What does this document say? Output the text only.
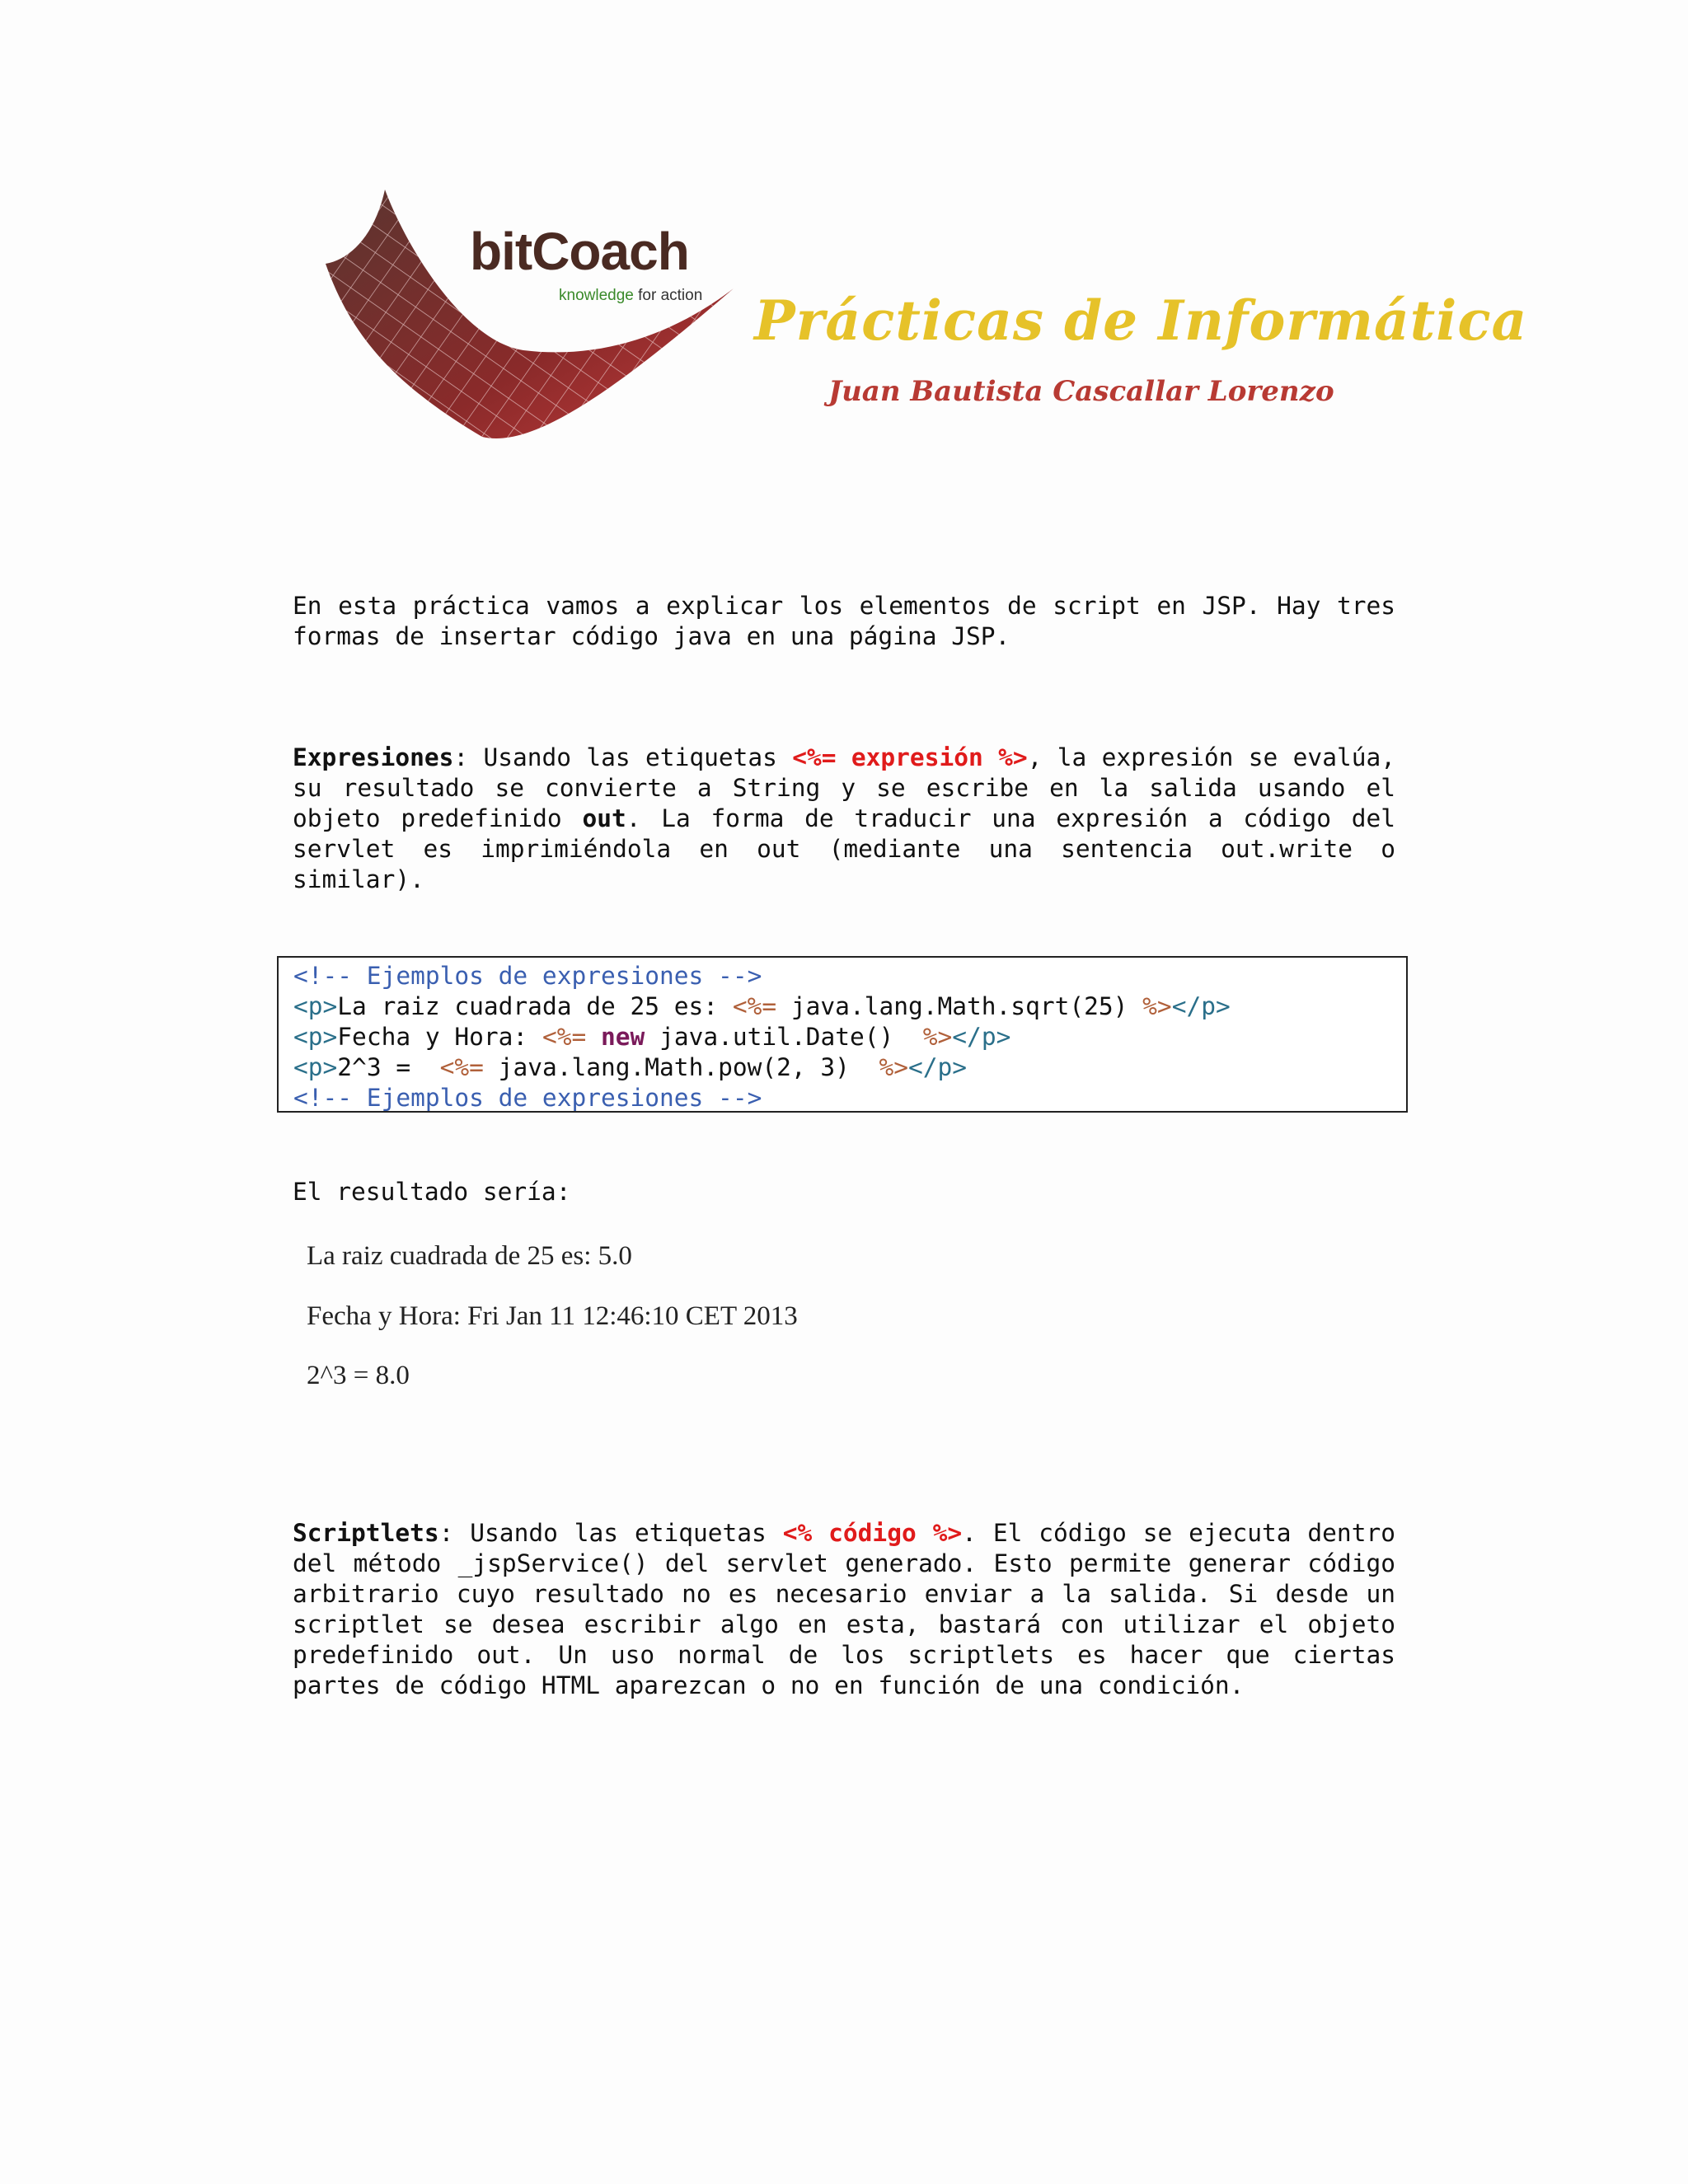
bitCoach
knowledge for action Prácticas de Informática
Juan Bautista Cascallar Lorenzo

En esta práctica vamos a explicar los elementos de script en JSP. Hay tres formas de insertar código java en una página JSP.

Expresiones: Usando las etiquetas <%= expresión %>, la expresión se evalúa, su resultado se convierte a String y se escribe en la salida usando el objeto predefinido out. La forma de traducir una expresión a código del servlet es imprimiéndola en out (mediante una sentencia out.write o similar).

<!-- Ejemplos de expresiones -->
<p>La raiz cuadrada de 25 es: <%= java.lang.Math.sqrt(25) %></p>
<p>Fecha y Hora: <%= new java.util.Date()  %></p>
<p>2^3 =  <%= java.lang.Math.pow(2, 3)  %></p>
<!-- Ejemplos de expresiones -->

El resultado sería:

La raiz cuadrada de 25 es: 5.0
Fecha y Hora: Fri Jan 11 12:46:10 CET 2013
2^3 = 8.0

Scriptlets: Usando las etiquetas <% código %>. El código se ejecuta dentro del método _jspService() del servlet generado. Esto permite generar código arbitrario cuyo resultado no es necesario enviar a la salida. Si desde un scriptlet se desea escribir algo en esta, bastará con utilizar el objeto predefinido out. Un uso normal de los scriptlets es hacer que ciertas partes de código HTML aparezcan o no en función de una condición.
